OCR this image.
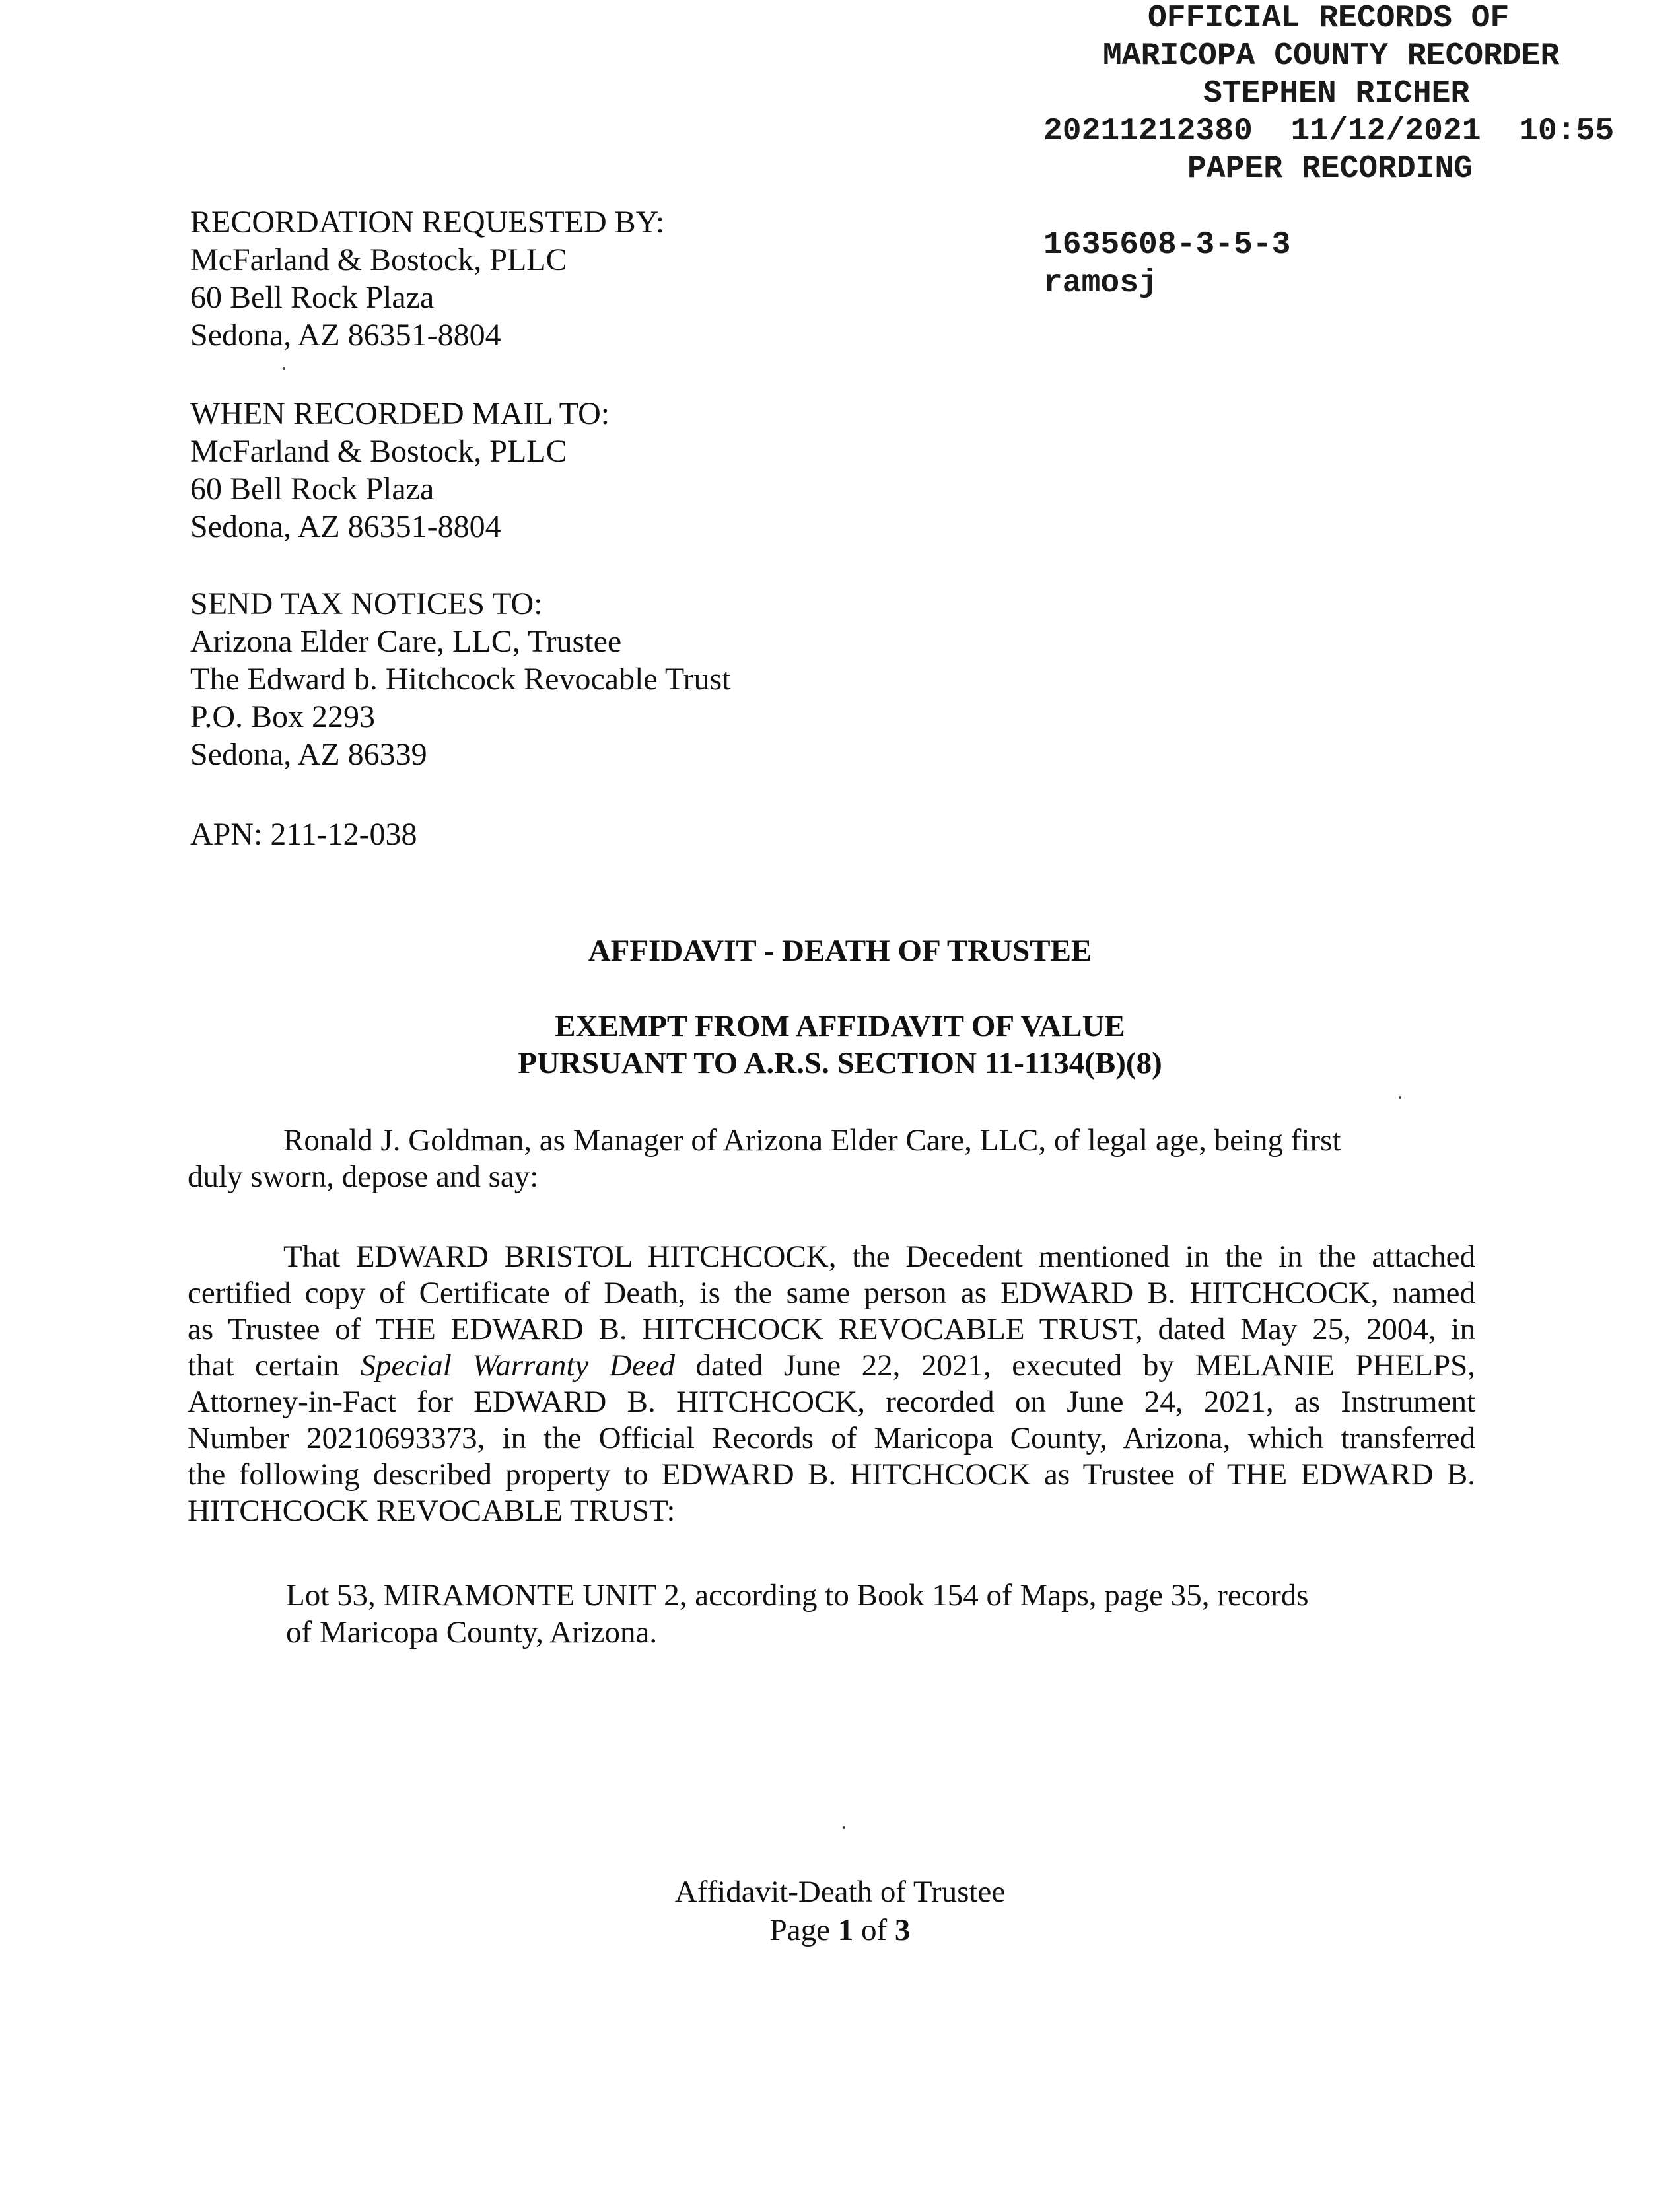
OFFICIAL RECORDS OF
MARICOPA COUNTY RECORDER
STEPHEN RICHER
20211212380  11/12/2021  10:55
PAPER RECORDING
1635608-3-5-3
ramosj
RECORDATION REQUESTED BY:
McFarland & Bostock, PLLC
60 Bell Rock Plaza
Sedona, AZ 86351-8804
WHEN RECORDED MAIL TO:
McFarland & Bostock, PLLC
60 Bell Rock Plaza
Sedona, AZ 86351-8804
SEND TAX NOTICES TO:
Arizona Elder Care, LLC, Trustee
The Edward b. Hitchcock Revocable Trust
P.O. Box 2293
Sedona, AZ 86339
APN: 211-12-038
AFFIDAVIT - DEATH OF TRUSTEE
EXEMPT FROM AFFIDAVIT OF VALUE
PURSUANT TO A.R.S. SECTION 11-1134(B)(8)
Ronald J. Goldman, as Manager of Arizona Elder Care, LLC, of legal age, being first
duly sworn, depose and say:
That EDWARD BRISTOL HITCHCOCK, the Decedent mentioned in the in the attached
certified copy of Certificate of Death, is the same person as EDWARD B. HITCHCOCK, named
as Trustee of THE EDWARD B. HITCHCOCK REVOCABLE TRUST, dated May 25, 2004, in
that certain Special Warranty Deed dated June 22, 2021, executed by MELANIE PHELPS,
Attorney-in-Fact for EDWARD B. HITCHCOCK, recorded on June 24, 2021, as Instrument
Number 20210693373, in the Official Records of Maricopa County, Arizona, which transferred
the following described property to EDWARD B. HITCHCOCK as Trustee of THE EDWARD B.
HITCHCOCK REVOCABLE TRUST:
Lot 53, MIRAMONTE UNIT 2, according to Book 154 of Maps, page 35, records
of Maricopa County, Arizona.
Affidavit-Death of Trustee
Page 1 of 3
